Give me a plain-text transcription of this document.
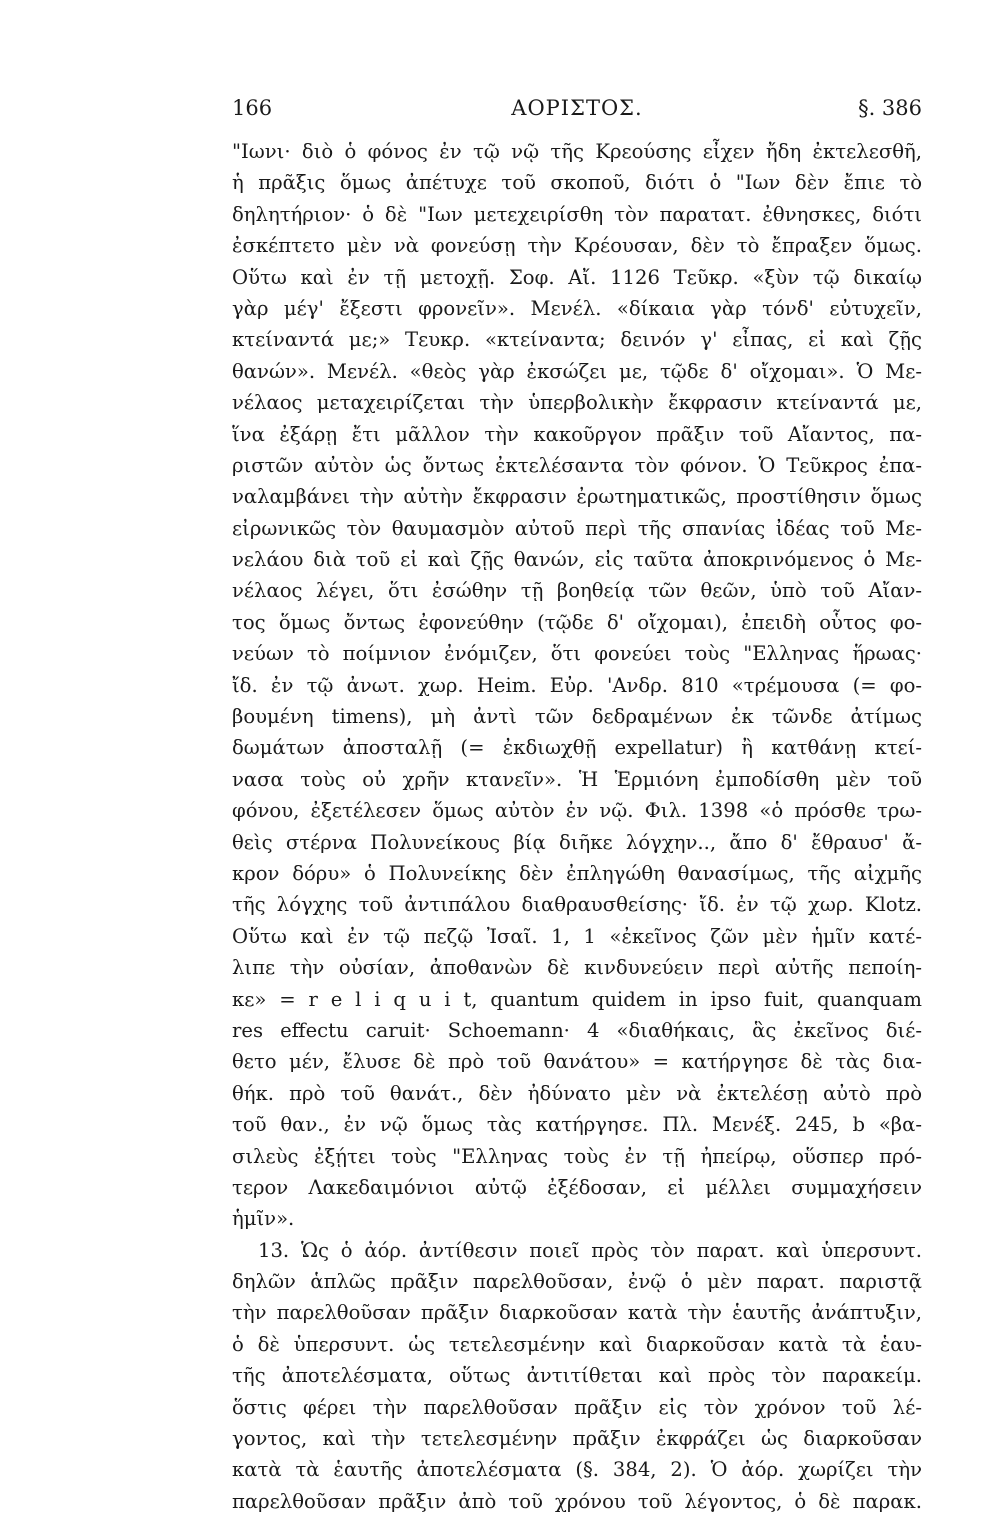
166	ΑΟΡΙΣΤΟΣ.	§. 386
"Ιωνι· διὸ ὁ φόνος ἐν τῷ νῷ τῆς Κρεούσης εἶχεν ἤδη ἐκτελεσθῆ,
ἡ πρᾶξις ὅμως ἀπέτυχε τοῦ σκοποῦ, διότι ὁ "Ιων δὲν ἔπιε τὸ
δηλητήριον· ὁ δὲ "Ιων μετεχειρίσθη τὸν παρατατ. ἐθνησκες, διότι
ἐσκέπτετο μὲν νὰ φονεύσῃ τὴν Κρέουσαν, δὲν τὸ ἔπραξεν ὅμως.
Οὕτω καὶ ἐν τῇ μετοχῇ. Σοφ. Αἴ. 1126 Τεῦκρ. «ξὺν τῷ δικαίῳ
γὰρ μέγ' ἔξεστι φρονεῖν». Μενέλ. «δίκαια γὰρ τόνδ' εὐτυχεῖν,
κτείναντά με;» Τευκρ. «κτείναντα; δεινόν γ' εἶπας, εἰ καὶ ζῇς
θανών». Μενέλ. «θεὸς γὰρ ἐκσώζει με, τῷδε δ' οἴχομαι». Ὁ Με-
νέλαος μεταχειρίζεται τὴν ὑπερβολικὴν ἔκφρασιν κτείναντά με,
ἵνα ἐξάρῃ ἔτι μᾶλλον τὴν κακοῦργον πρᾶξιν τοῦ Αἴαντος, πα-
ριστῶν αὐτὸν ὡς ὄντως ἐκτελέσαντα τὸν φόνον. Ὁ Τεῦκρος ἐπα-
ναλαμβάνει τὴν αὐτὴν ἔκφρασιν ἐρωτηματικῶς, προστίθησιν ὅμως
εἰρωνικῶς τὸν θαυμασμὸν αὐτοῦ περὶ τῆς σπανίας ἰδέας τοῦ Με-
νελάου διὰ τοῦ εἰ καὶ ζῇς θανών, εἰς ταῦτα ἀποκρινόμενος ὁ Με-
νέλαος λέγει, ὅτι ἐσώθην τῇ βοηθείᾳ τῶν θεῶν, ὑπὸ τοῦ Αἴαν-
τος ὅμως ὄντως ἐφονεύθην (τῷδε δ' οἴχομαι), ἐπειδὴ οὗτος φο-
νεύων τὸ ποίμνιον ἐνόμιζεν, ὅτι φονεύει τοὺς "Ελληνας ἥρωας·
ἴδ. ἐν τῷ ἀνωτ. χωρ. Heim. Εὐρ. 'Ανδρ. 810 «τρέμουσα (= φο-
βουμένη timens), μὴ ἀντὶ τῶν δεδραμένων ἐκ τῶνδε ἀτίμως
δωμάτων ἀποσταλῇ (= ἐκδιωχθῇ expellatur) ἢ κατθάνῃ κτεί-
νασα τοὺς οὐ χρῆν κτανεῖν». Ἡ Ἑρμιόνη ἐμποδίσθη μὲν τοῦ
φόνου, ἐξετέλεσεν ὅμως αὐτὸν ἐν νῷ. Φιλ. 1398 «ὁ πρόσθε τρω-
θεὶς στέρνα Πολυνείκους βίᾳ διῆκε λόγχην.., ἄπο δ' ἔθραυσ' ἄ-
κρον δόρυ» ὁ Πολυνείκης δὲν ἐπληγώθη θανασίμως, τῆς αἰχμῆς
τῆς λόγχης τοῦ ἀντιπάλου διαθραυσθείσης· ἴδ. ἐν τῷ χωρ. Klotz.
Οὕτω καὶ ἐν τῷ πεζῷ Ἰσαῖ. 1, 1 «ἐκεῖνος ζῶν μὲν ἡμῖν κατέ-
λιπε τὴν οὐσίαν, ἀποθανὼν δὲ κινδυνεύειν περὶ αὐτῆς πεποίη-
κε» = r e l i q u i t, quantum quidem in ipso fuit, quanquam
res effectu caruit· Schoemann· 4 «διαθήκαις, ἃς ἐκεῖνος διέ-
θετο μέν, ἔλυσε δὲ πρὸ τοῦ θανάτου» = κατήργησε δὲ τὰς δια-
θήκ. πρὸ τοῦ θανάτ., δὲν ἠδύνατο μὲν νὰ ἐκτελέσῃ αὐτὸ πρὸ
τοῦ θαν., ἐν νῷ ὅμως τὰς κατήργησε. Πλ. Μενέξ. 245, b «βα-
σιλεὺς ἐξῄτει τοὺς "Ελληνας τοὺς ἐν τῇ ἠπείρῳ, οὕσπερ πρό-
τερον Λακεδαιμόνιοι αὐτῷ ἐξέδοσαν, εἰ μέλλει συμμαχήσειν
ἡμῖν».
13. Ὡς ὁ ἀόρ. ἀντίθεσιν ποιεῖ πρὸς τὸν παρατ. καὶ ὑπερσυντ.
δηλῶν ἁπλῶς πρᾶξιν παρελθοῦσαν, ἐνῷ ὁ μὲν παρατ. παριστᾷ
τὴν παρελθοῦσαν πρᾶξιν διαρκοῦσαν κατὰ τὴν ἑαυτῆς ἀνάπτυξιν,
ὁ δὲ ὑπερσυντ. ὡς τετελεσμένην καὶ διαρκοῦσαν κατὰ τὰ ἑαυ-
τῆς ἀποτελέσματα, οὕτως ἀντιτίθεται καὶ πρὸς τὸν παρακείμ.
ὅστις φέρει τὴν παρελθοῦσαν πρᾶξιν εἰς τὸν χρόνον τοῦ λέ-
γοντος, καὶ τὴν τετελεσμένην πρᾶξιν ἐκφράζει ὡς διαρκοῦσαν
κατὰ τὰ ἑαυτῆς ἀποτελέσματα (§. 384, 2). Ὁ ἀόρ. χωρίζει τὴν
παρελθοῦσαν πρᾶξιν ἀπὸ τοῦ χρόνου τοῦ λέγοντος, ὁ δὲ παρακ.
